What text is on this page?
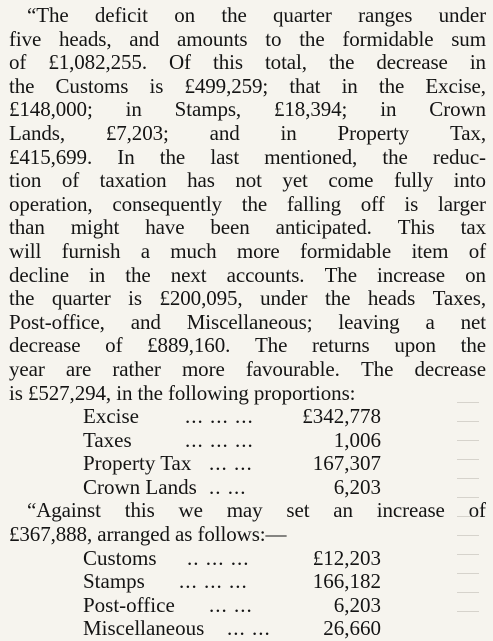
“The deficit on the quarter ranges under
five heads, and amounts to the formidable sum
of £1,082,255. Of this total, the decrease in
the Customs is £499,259; that in the Excise,
£148,000; in Stamps, £18,394; in Crown
Lands, £7,203; and in Property Tax,
£415,699. In the last mentioned, the reduc-
tion of taxation has not yet come fully into
operation, consequently the falling off is larger
than might have been anticipated. This tax
will furnish a much more formidable item of
decline in the next accounts. The increase on
the quarter is £200,095, under the heads Taxes,
Post-office, and Miscellaneous; leaving a net
decrease of £889,160. The returns upon the
year are rather more favourable. The decrease
is £527,294, in the following proportions:
Excise ... ... ... £342,778
Taxes	... ... ...	1,006
Property Tax ... ...	167,307
Crown Lands .. ...	6,203
“Against this we may set an increase of
£367,888, arranged as follows:—
Customs .. ... ...	£12,203
Stamps ... ... ...	166,182
Post-office ... ...	6,203
Miscellaneous ... ...	26,660
